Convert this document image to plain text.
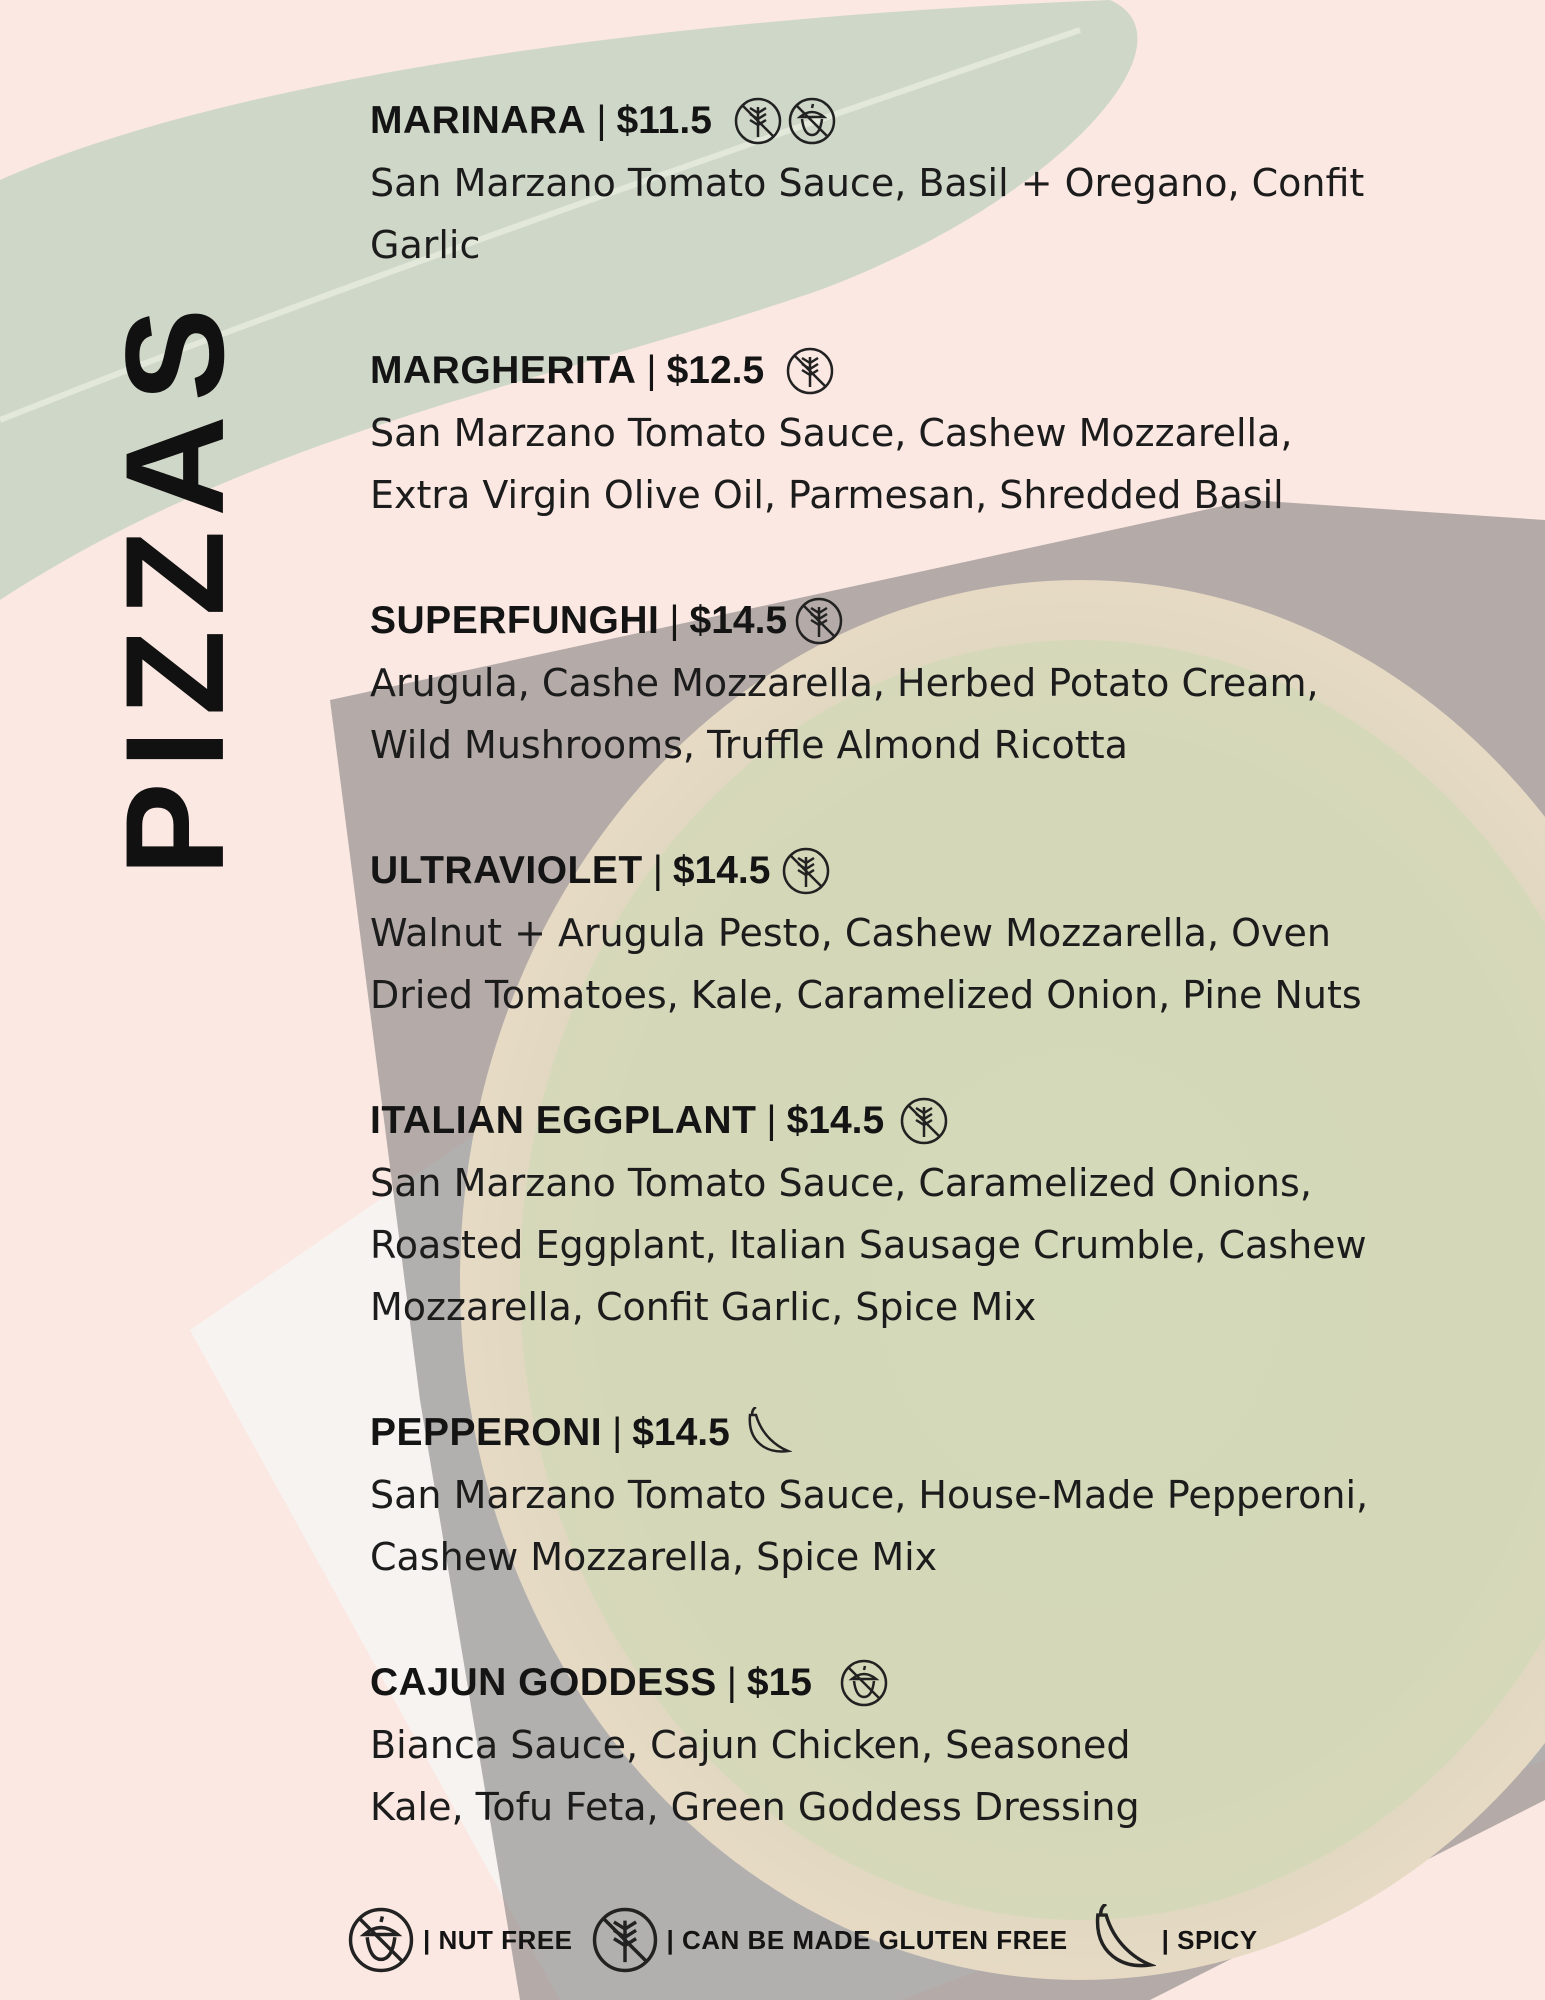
PIZZAS
MARINARA | $11.5
San Marzano Tomato Sauce, Basil + Oregano, Confit Garlic
MARGHERITA | $12.5
San Marzano Tomato Sauce, Cashew Mozzarella, Extra Virgin Olive Oil, Parmesan, Shredded Basil
SUPERFUNGHI | $14.5
Arugula, Cashe Mozzarella, Herbed Potato Cream, Wild Mushrooms, Truffle Almond Ricotta
ULTRAVIOLET | $14.5
Walnut + Arugula Pesto, Cashew Mozzarella, Oven Dried Tomatoes, Kale, Caramelized Onion, Pine Nuts
ITALIAN EGGPLANT | $14.5
San Marzano Tomato Sauce, Caramelized Onions, Roasted Eggplant, Italian Sausage Crumble, Cashew Mozzarella, Confit Garlic, Spice Mix
PEPPERONI | $14.5
San Marzano Tomato Sauce, House-Made Pepperoni, Cashew Mozzarella, Spice Mix
CAJUN GODDESS | $15
Bianca Sauce, Cajun Chicken, Seasoned Kale, Tofu Feta, Green Goddess Dressing
| NUT FREE	| CAN BE MADE GLUTEN FREE	| SPICY
